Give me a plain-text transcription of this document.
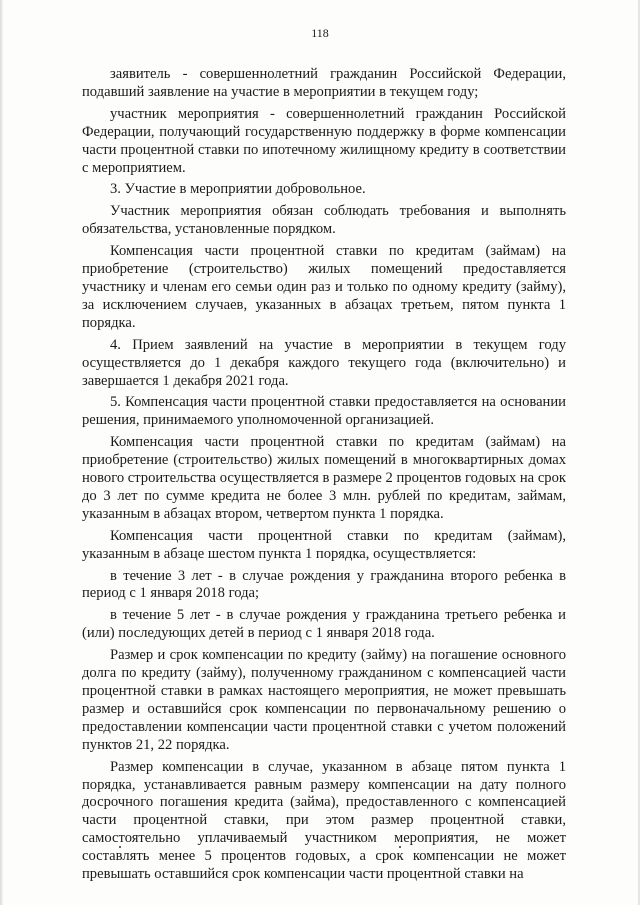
118

заявитель - совершеннолетний гражданин Российской Федерации, подавший заявление на участие в мероприятии в текущем году;

участник мероприятия - совершеннолетний гражданин Российской Федерации, получающий государственную поддержку в форме компенсации части процентной ставки по ипотечному жилищному кредиту в соответствии с мероприятием.

3. Участие в мероприятии добровольное.

Участник мероприятия обязан соблюдать требования и выполнять обязательства, установленные порядком.

Компенсация части процентной ставки по кредитам (займам) на приобретение (строительство) жилых помещений предоставляется участнику и членам его семьи один раз и только по одному кредиту (займу), за исключением случаев, указанных в абзацах третьем, пятом пункта 1 порядка.

4. Прием заявлений на участие в мероприятии в текущем году осуществляется до 1 декабря каждого текущего года (включительно) и завершается 1 декабря 2021 года.

5. Компенсация части процентной ставки предоставляется на основании решения, принимаемого уполномоченной организацией.

Компенсация части процентной ставки по кредитам (займам) на приобретение (строительство) жилых помещений в многоквартирных домах нового строительства осуществляется в размере 2 процентов годовых на срок до 3 лет по сумме кредита не более 3 млн. рублей по кредитам, займам, указанным в абзацах втором, четвертом пункта 1 порядка.

Компенсация части процентной ставки по кредитам (займам), указанным в абзаце шестом пункта 1 порядка, осуществляется:

в течение 3 лет - в случае рождения у гражданина второго ребенка в период с 1 января 2018 года;

в течение 5 лет - в случае рождения у гражданина третьего ребенка и (или) последующих детей в период с 1 января 2018 года.

Размер и срок компенсации по кредиту (займу) на погашение основного долга по кредиту (займу), полученному гражданином с компенсацией части процентной ставки в рамках настоящего мероприятия, не может превышать размер и оставшийся срок компенсации по первоначальному решению о предоставлении компенсации части процентной ставки с учетом положений пунктов 21, 22 порядка.

Размер компенсации в случае, указанном в абзаце пятом пункта 1 порядка, устанавливается равным размеру компенсации на дату полного досрочного погашения кредита (займа), предоставленного с компенсацией части процентной ставки, при этом размер процентной ставки, самостоятельно уплачиваемый участником мероприятия, не может составлять менее 5 процентов годовых, а срок компенсации не может превышать оставшийся срок компенсации части процентной ставки на
